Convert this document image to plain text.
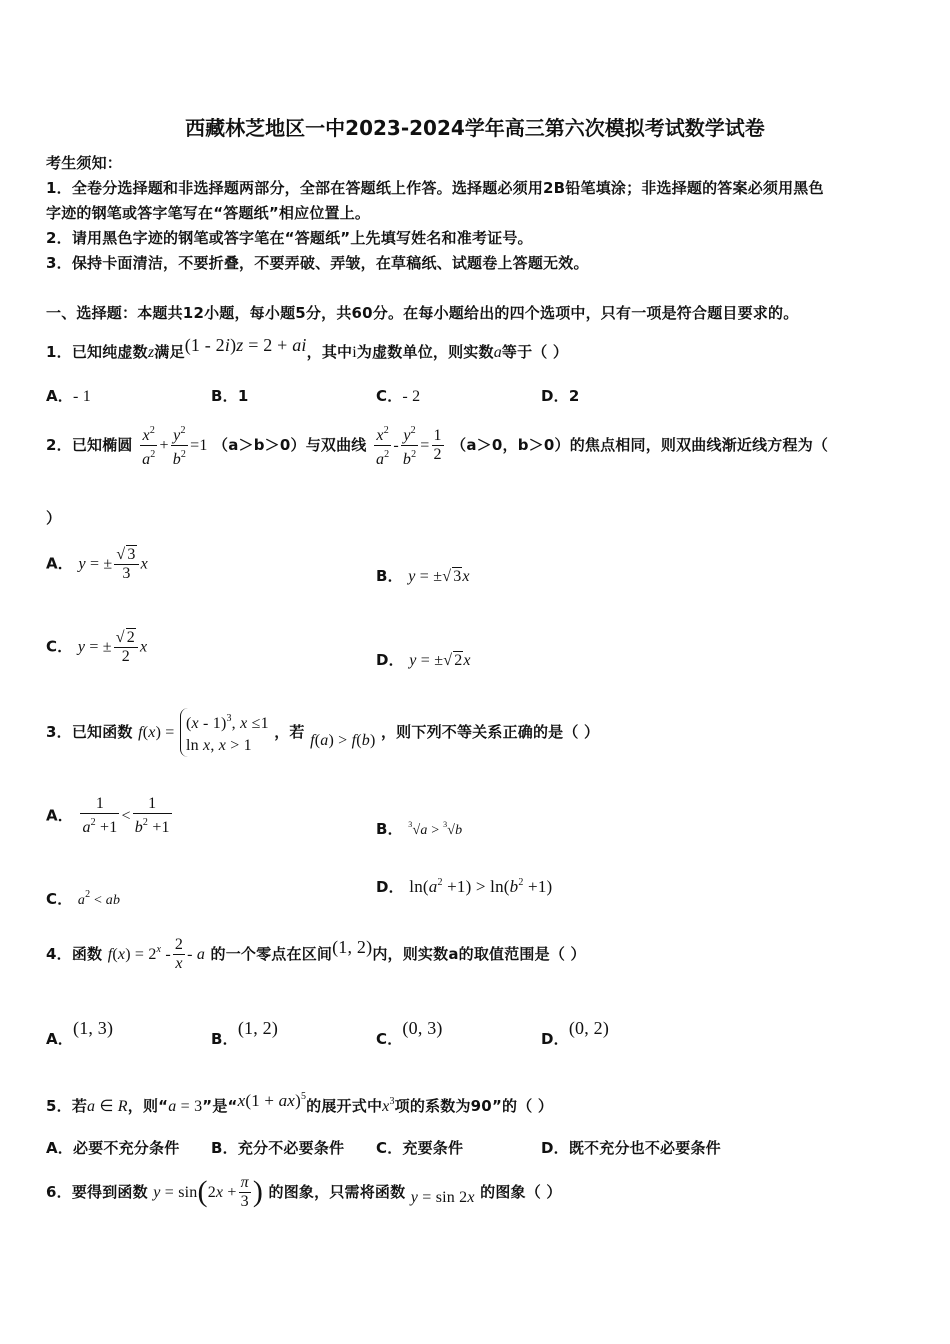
西藏林芝地区一中2023-2024学年高三第六次模拟考试数学试卷
考生须知：
1．全卷分选择题和非选择题两部分，全部在答题纸上作答。选择题必须用2B铅笔填涂；非选择题的答案必须用黑色
字迹的钢笔或答字笔写在“答题纸”相应位置上。
2．请用黑色字迹的钢笔或答字笔在“答题纸”上先填写姓名和准考证号。
3．保持卡面清洁，不要折叠，不要弄破、弄皱，在草稿纸、试题卷上答题无效。
一、选择题：本题共12小题，每小题5分，共60分。在每小题给出的四个选项中，只有一项是符合题目要求的。
1．已知纯虚数z满足(1 - 2i)z = 2 + ai，其中i为虚数单位，则实数a等于（ ）
A．- 1	B．1	C．- 2	D．2
2．已知椭圆 $\frac{x^2}{a^2} + \frac{y^2}{b^2} =1$ （a＞b＞0）与双曲线 $\frac{x^2}{a^2} - \frac{y^2}{b^2} = \frac{1}{2} (a>0$，b＞0）的焦点相同，则双曲线渐近线方程为（
）
A． y = ± $\frac{√ 3}{3}$ x
B． y = ±√ 3x
C． y = ± $\frac{√ 2}{2}$ x
D． y = ±√ 2x
3．已知函数 f(x) =
(x - 1)$^3$, x ≤1
ln x, x > 1
，若 f(a) > f(b) ，则下列不等关系正确的是（ ）
A． $\frac{1}{a^2 +1} < \frac{1}{b^2 +1}$	B． $^3$√a > $^3$√b
C． $a^2$ < ab
D． $\ln(a^2 +1) > \ln(b^2 +1)$
4．函数 $f(x) = 2^x - \frac{2}{x} - a$ 的一个零点在区间(1, 2)内，则实数a的取值范围是（ ）
A．(1, 3)
B．(1, 2)
C．(0, 3)
D．(0, 2)
5．若a ∈ R，则“a = 3”是“x(1 + ax)$^5$的展开式中$x^3$项的系数为90”的（ ）
A．必要不充分条件 B．充分不必要条件 C．充要条件	D．既不充分也不必要条件
6．要得到函数 $y = \sin(2x + \frac{\pi}{3}$ ) 的图象，只需将函数 y = sin 2x 的图象（ ）
